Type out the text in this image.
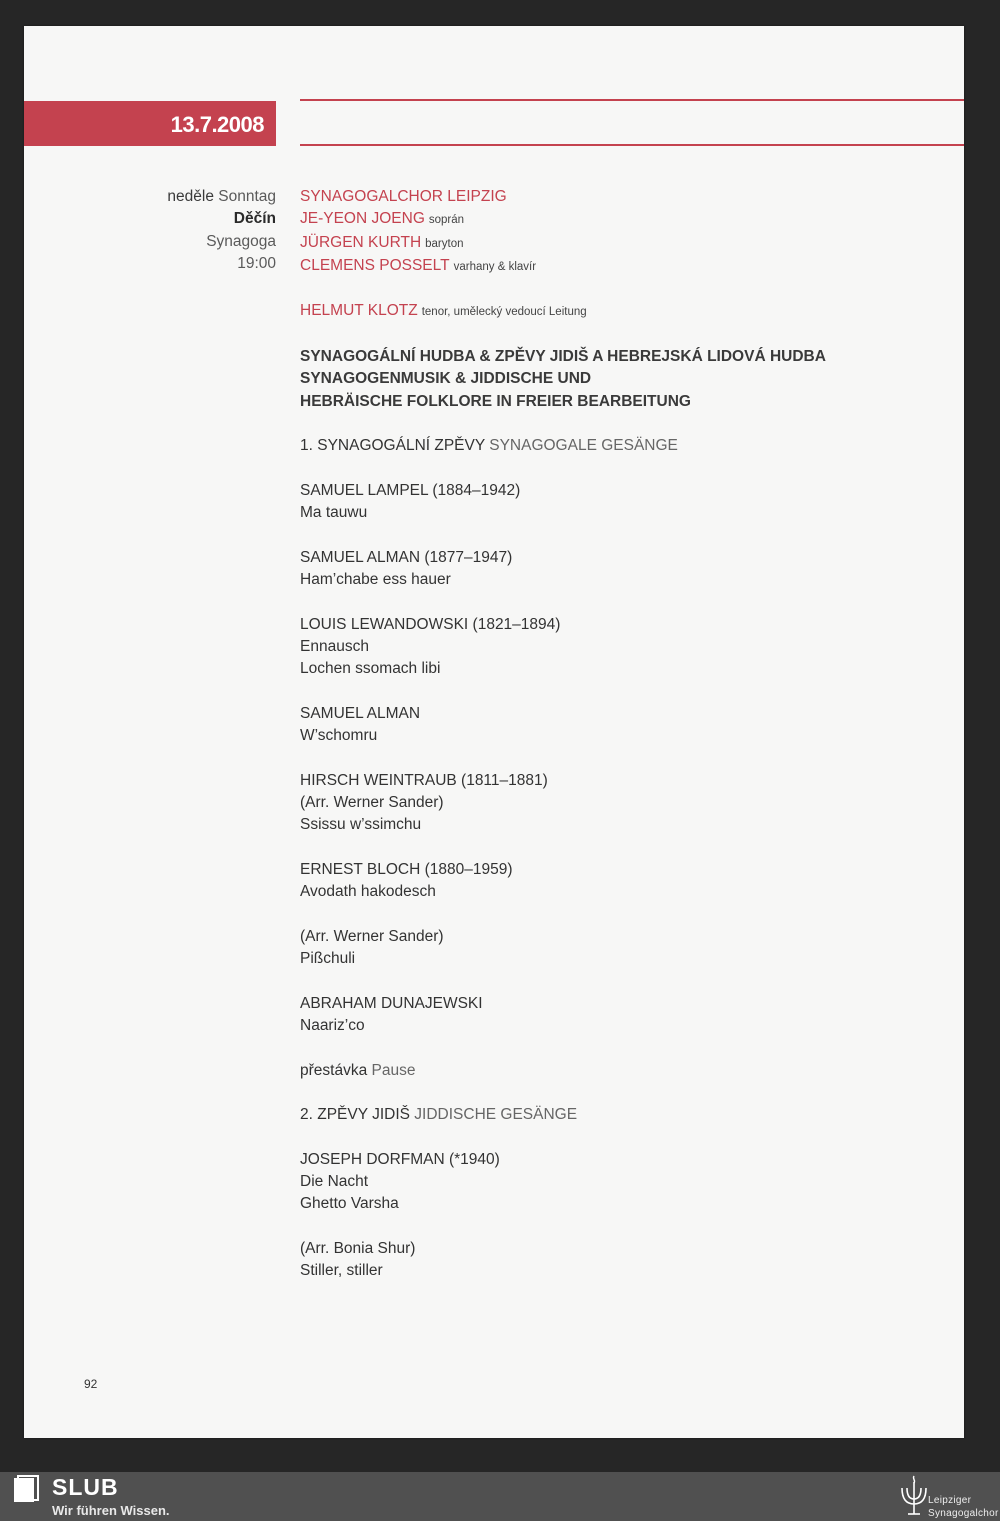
13.7.2008
neděle Sonntag
Děčín
Synagoga
19:00
SYNAGOGALCHOR LEIPZIG
JE-YEON JOENG soprán
JÜRGEN KURTH baryton
CLEMENS POSSELT varhany & klavír
HELMUT KLOTZ tenor, umělecký vedoucí Leitung
SYNAGOGÁLNÍ HUDBA & ZPĚVY JIDIŠ A HEBREJSKÁ LIDOVÁ HUDBA
SYNAGOGENMUSIK & JIDDISCHE UND
HEBRÄISCHE FOLKLORE IN FREIER BEARBEITUNG
1. SYNAGOGÁLNÍ ZPĚVY SYNAGOGALE GESÄNGE
SAMUEL LAMPEL (1884–1942)
Ma tauwu
SAMUEL ALMAN (1877–1947)
Ham’chabe ess hauer
LOUIS LEWANDOWSKI (1821–1894)
Ennausch
Lochen ssomach libi
SAMUEL ALMAN
W’schomru
HIRSCH WEINTRAUB (1811–1881)
(Arr. Werner Sander)
Ssissu w’ssimchu
ERNEST BLOCH (1880–1959)
Avodath hakodesch
(Arr. Werner Sander)
Pißchuli
ABRAHAM DUNAJEWSKI
Naariz’co
přestávka Pause
2. ZPĚVY JIDIŠ JIDDISCHE GESÄNGE
JOSEPH DORFMAN (*1940)
Die Nacht
Ghetto Varsha
(Arr. Bonia Shur)
Stiller, stiller
92
SLUB
Wir führen Wissen.
Leipziger
Synagogalchor
